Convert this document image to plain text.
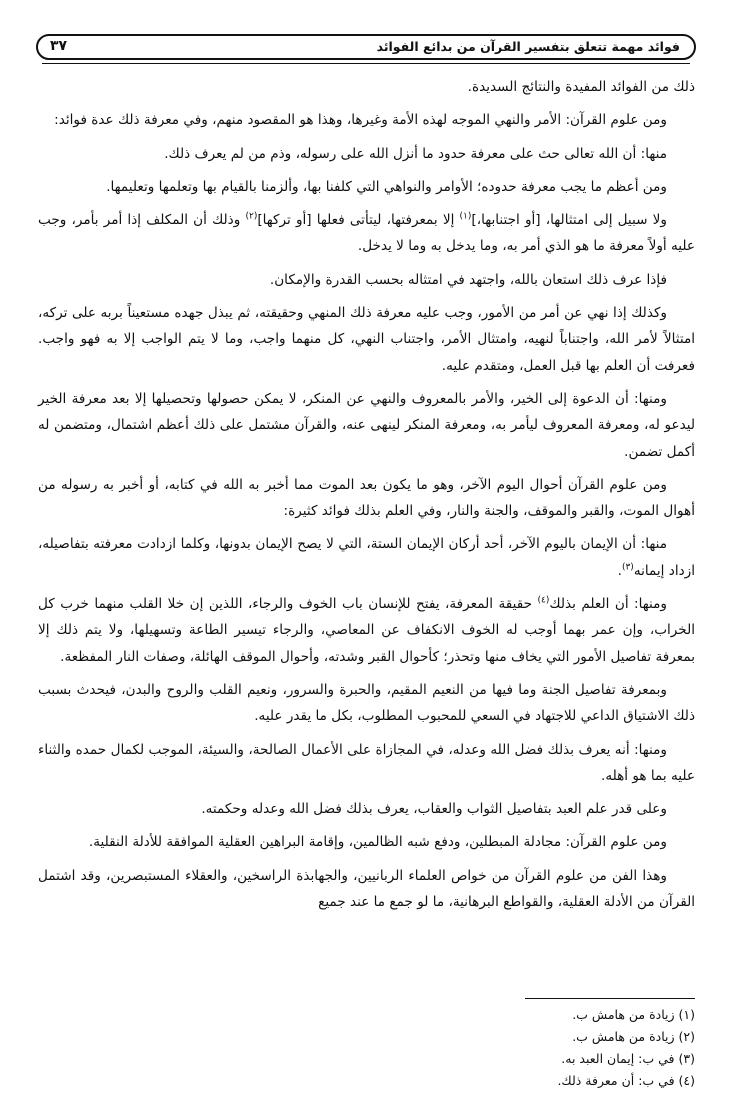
فوائد مهمة تتعلق بتفسير القرآن من بدائع الفوائد
٣٧

ذلك من الفوائد المفيدة والنتائج السديدة.

ومن علوم القرآن: الأمر والنهي الموجه لهذه الأمة وغيرها، وهذا هو المقصود منهم، وفي معرفة ذلك عدة فوائد:

منها: أن الله تعالى حث على معرفة حدود ما أنزل الله على رسوله، وذم من لم يعرف ذلك.

ومن أعظم ما يجب معرفة حدوده؛ الأوامر والنواهي التي كلفنا بها، وألزمنا بالقيام بها وتعلمها وتعليمها.

ولا سبيل إلى امتثالها، [أو اجتنابها،]$^{(١)}$ إلا بمعرفتها، ليتأتى فعلها [أو تركها]$^{(٢)}$ وذلك أن المكلف إذا أمر بأمر، وجب عليه أولاً معرفة ما هو الذي أمر به، وما يدخل به وما لا يدخل.

فإذا عرف ذلك استعان بالله، واجتهد في امتثاله بحسب القدرة والإمكان.

وكذلك إذا نهي عن أمر من الأمور، وجب عليه معرفة ذلك المنهي وحقيقته، ثم يبذل جهده مستعيناً بربه على تركه، امتثالاً لأمر الله، واجتناباً لنهيه، وامتثال الأمر، واجتناب النهي، كل منهما واجب، وما لا يتم الواجب إلا به فهو واجب. فعرفت أن العلم بها قبل العمل، ومتقدم عليه.

ومنها: أن الدعوة إلى الخير، والأمر بالمعروف والنهي عن المنكر، لا يمكن حصولها وتحصيلها إلا بعد معرفة الخير ليدعو له، ومعرفة المعروف ليأمر به، ومعرفة المنكر لينهى عنه، والقرآن مشتمل على ذلك أعظم اشتمال، ومتضمن له أكمل تضمن.

ومن علوم القرآن أحوال اليوم الآخر، وهو ما يكون بعد الموت مما أخبر به الله في كتابه، أو أخبر به رسوله من أهوال الموت، والقبر والموقف، والجنة والنار، وفي العلم بذلك فوائد كثيرة:

منها: أن الإيمان باليوم الآخر، أحد أركان الإيمان الستة، التي لا يصح الإيمان بدونها، وكلما ازدادت معرفته بتفاصيله، ازداد إيمانه$^{(٣)}$.

ومنها: أن العلم بذلك$^{(٤)}$ حقيقة المعرفة، يفتح للإنسان باب الخوف والرجاء، اللذين إن خلا القلب منهما خرب كل الخراب، وإن عمر بهما أوجب له الخوف الانكفاف عن المعاصي، والرجاء تيسير الطاعة وتسهيلها، ولا يتم ذلك إلا بمعرفة تفاصيل الأمور التي يخاف منها وتحذر؛ كأحوال القبر وشدته، وأحوال الموقف الهائلة، وصفات النار المفظعة.

وبمعرفة تفاصيل الجنة وما فيها من النعيم المقيم، والحبرة والسرور، ونعيم القلب والروح والبدن، فيحدث بسبب ذلك الاشتياق الداعي للاجتهاد في السعي للمحبوب المطلوب، بكل ما يقدر عليه.

ومنها: أنه يعرف بذلك فضل الله وعدله، في المجازاة على الأعمال الصالحة، والسيئة، الموجب لكمال حمده والثناء عليه بما هو أهله.

وعلى قدر علم العبد بتفاصيل الثواب والعقاب، يعرف بذلك فضل الله وعدله وحكمته.

ومن علوم القرآن: مجادلة المبطلين، ودفع شبه الظالمين، وإقامة البراهين العقلية الموافقة للأدلة النقلية.

وهذا الفن من علوم القرآن من خواص العلماء الربانيين، والجهابذة الراسخين، والعقلاء المستبصرين، وقد اشتمل القرآن من الأدلة العقلية، والقواطع البرهانية، ما لو جمع ما عند جميع

(١) زيادة من هامش ب.
(٢) زيادة من هامش ب.
(٣) في ب: إيمان العبد به.
(٤) في ب: أن معرفة ذلك.
